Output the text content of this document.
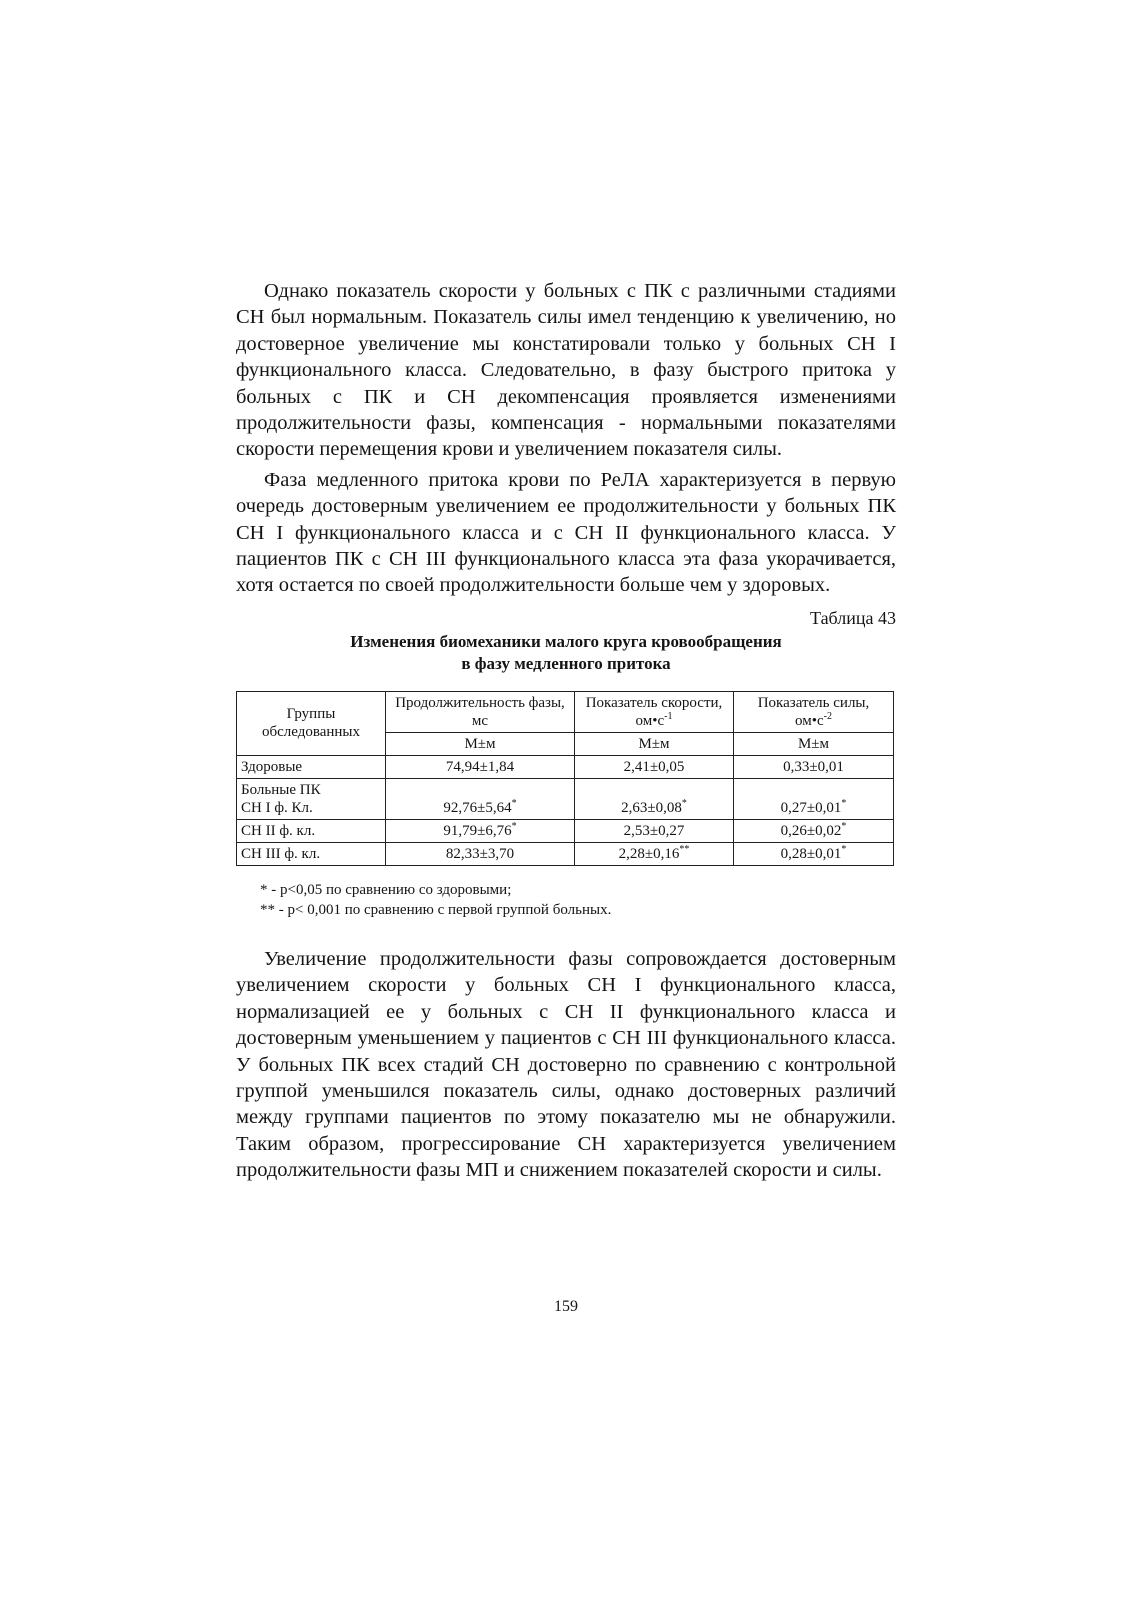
Однако показатель скорости у больных с ПК с различными стадиями СН был нормальным. Показатель силы имел тенденцию к увеличению, но достоверное увеличение мы констатировали только у больных СН I функционального класса. Следовательно, в фазу быстрого притока у больных с ПК и СН декомпенсация проявляется изменениями продолжительности фазы, компенсация - нормальными показателями скорости перемещения крови и увеличением показателя силы.

Фаза медленного притока крови по РеЛА характеризуется в первую очередь достоверным увеличением ее продолжительности у больных ПК СН I функционального класса и с СН II функционального класса. У пациентов ПК с СН III функционального класса эта фаза укорачивается, хотя остается по своей продолжительности больше чем у здоровых.

Таблица 43
Изменения биомеханики малого круга кровообращения
в фазу медленного притока
Группы обследованных	Продолжительность фазы, мс	Показатель скорости, $ом•с^{-1}$	Показатель силы, $ом•с^{-2}$
	М±м	М±м	М±м
Здоровые	74,94±1,84	2,41±0,05	0,33±0,01

Больные ПК
СН I ф. Кл.	92,76±5,64*	2,63±0,08*	0,27±0,01*
СН II ф. кл.	91,79±6,76*	2,53±0,27	0,26±0,02*
СН III ф. кл.	82,33±3,70	2,28±0,16**	0,28±0,01*
* - р<0,05 по сравнению со здоровыми;
** - р< 0,001 по сравнению с первой группой больных.

Увеличение продолжительности фазы сопровождается достоверным увеличением скорости у больных СН I функционального класса, нормализацией ее у больных с СН II функционального класса и достоверным уменьшением у пациентов с СН III функционального класса. У больных ПК всех стадий СН достоверно по сравнению с контрольной группой уменьшился показатель силы, однако достоверных различий между группами пациентов по этому показателю мы не обнаружили. Таким образом, прогрессирование СН характеризуется увеличением продолжительности фазы МП и снижением показателей скорости и силы.

159
